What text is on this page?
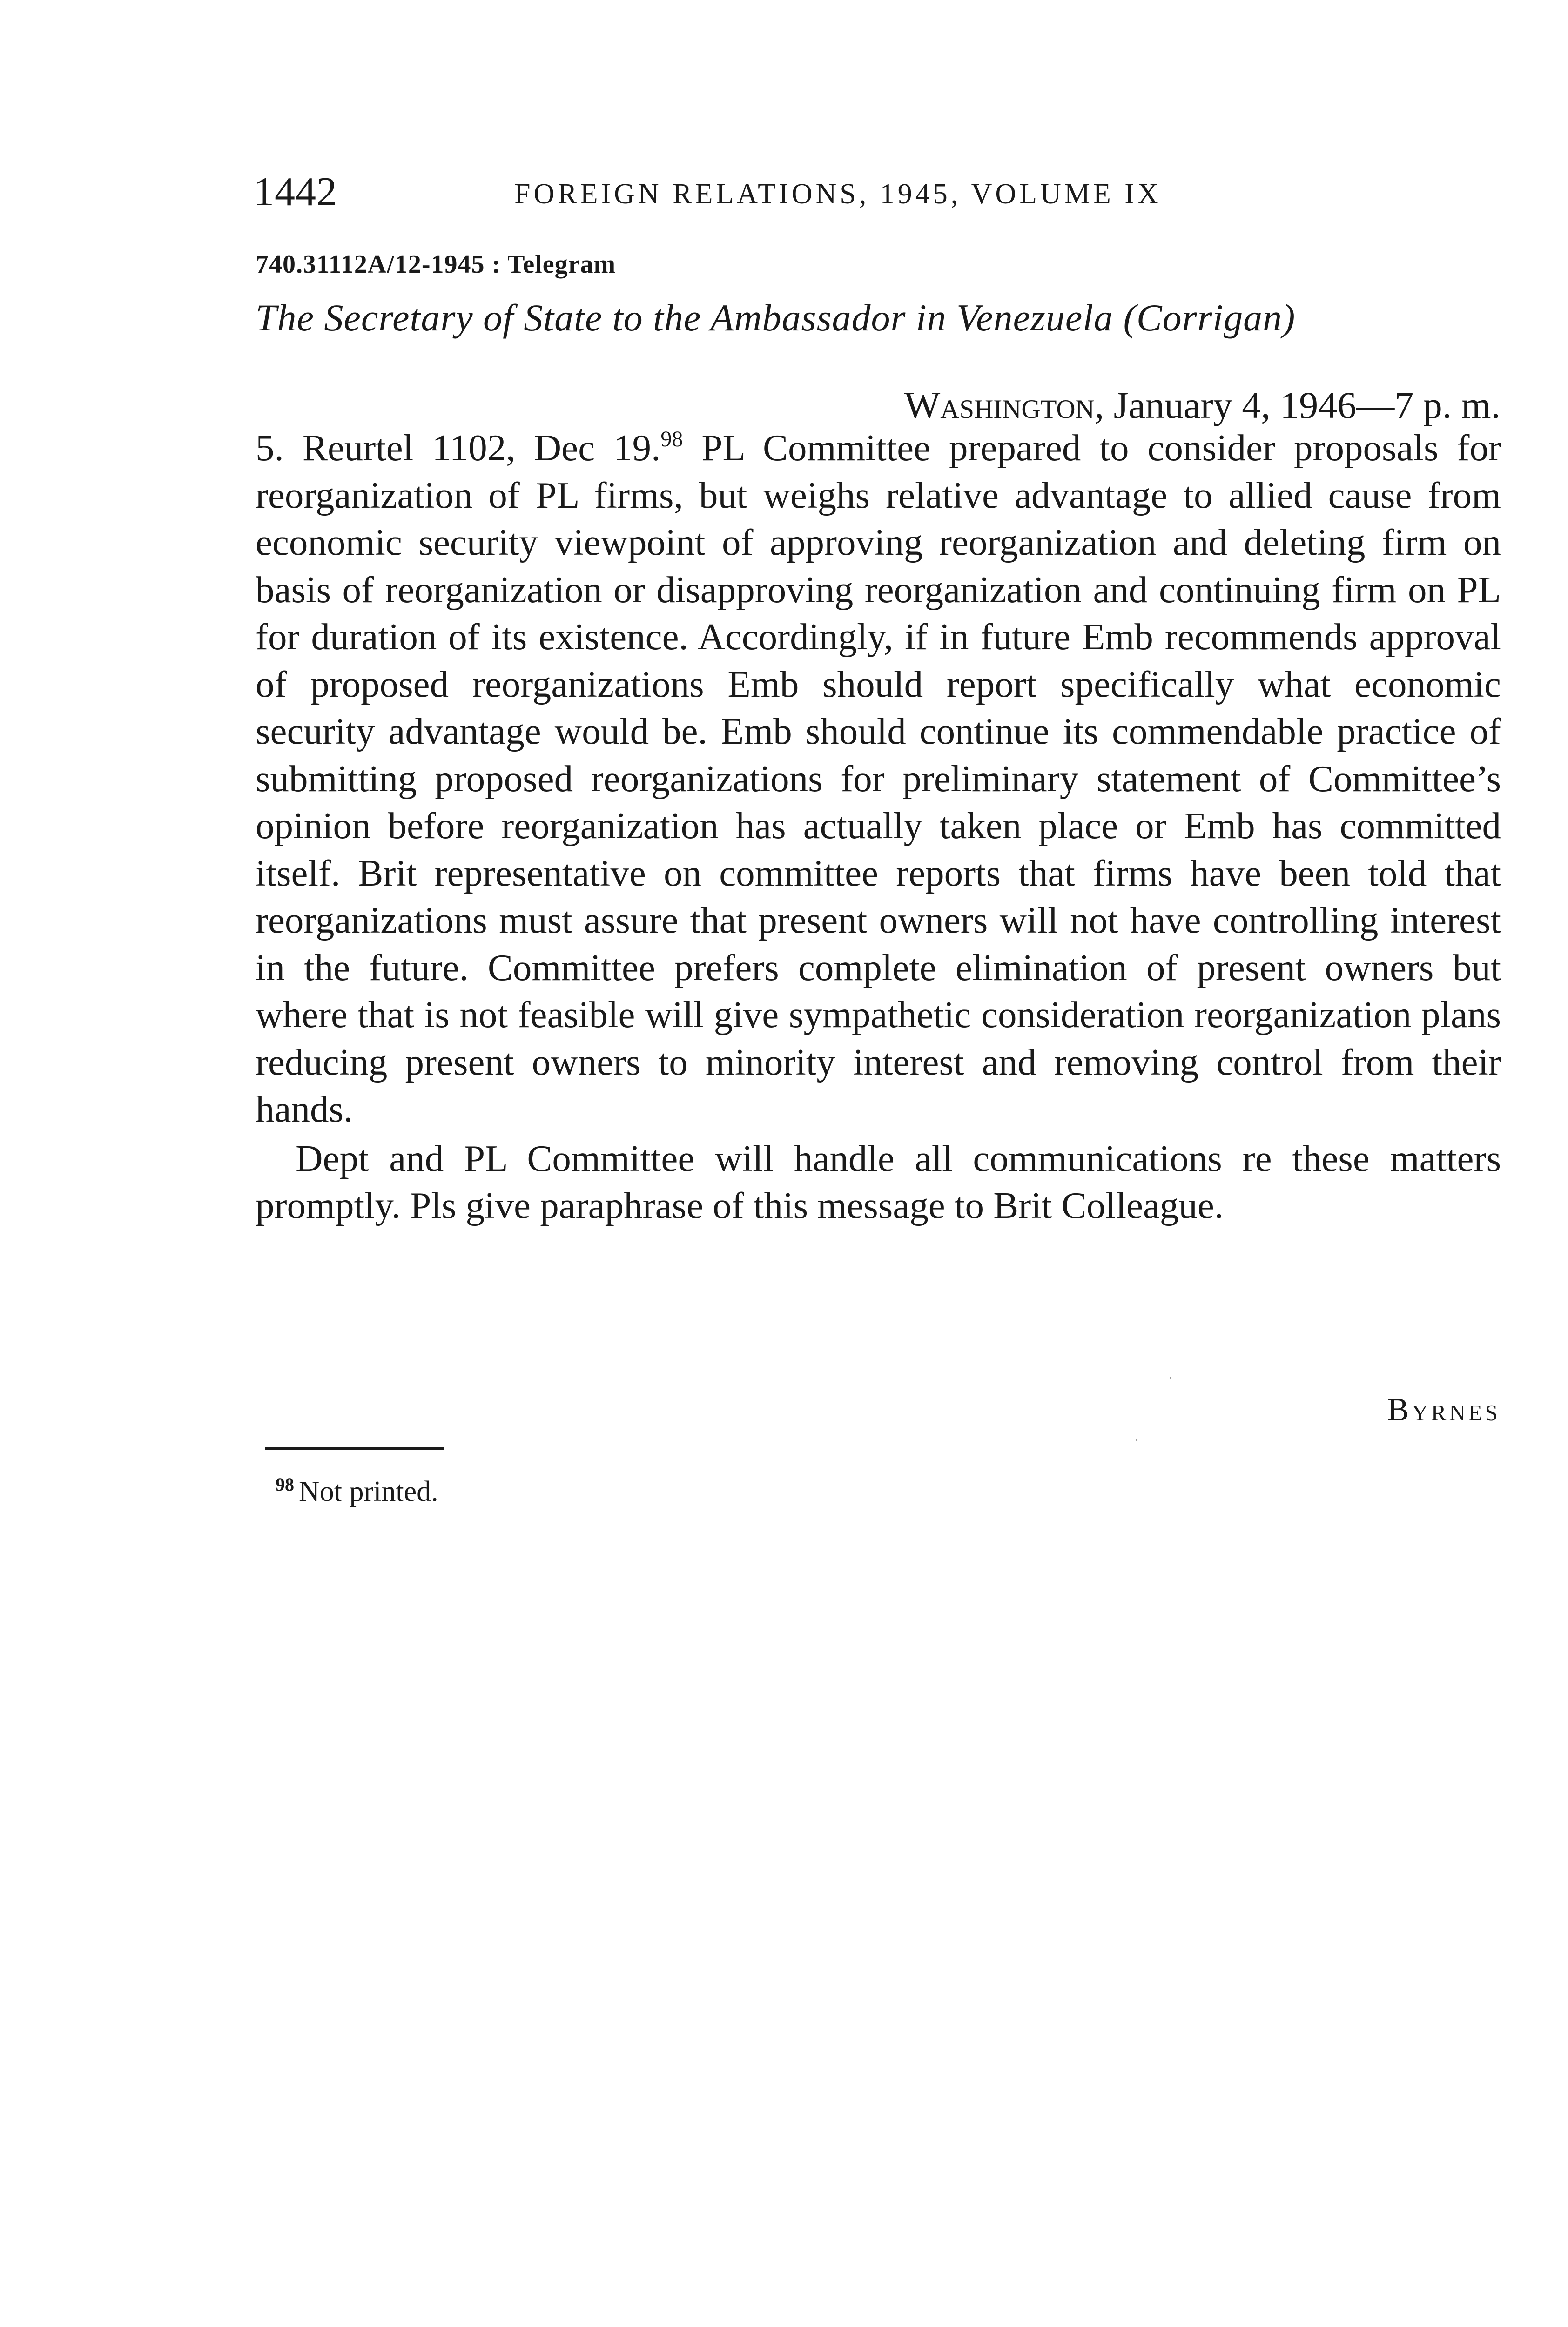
1442	FOREIGN RELATIONS, 1945, VOLUME IX
740.31112A/12-1945 : Telegram
The Secretary of State to the Ambassador in Venezuela (Corrigan)
Washington, January 4, 1946—7 p. m.

5. Reurtel 1102, Dec 19.98 PL Committee prepared to consider proposals for reorganization of PL firms, but weighs relative advantage to allied cause from economic security viewpoint of approving reorganization and deleting firm on basis of reorganization or disapproving reorganization and continuing firm on PL for duration of its existence. Accordingly, if in future Emb recommends approval of proposed reorganizations Emb should report specifically what economic security advantage would be. Emb should continue its commendable practice of submitting proposed reorganizations for preliminary statement of Committee’s opinion before reorganization has actually taken place or Emb has committed itself. Brit representative on committee reports that firms have been told that reorganizations must assure that present owners will not have controlling interest in the future. Committee prefers complete elimination of present owners but where that is not feasible will give sympathetic consideration reorganization plans reducing present owners to minority interest and removing control from their hands.

Dept and PL Committee will handle all communications re these matters promptly. Pls give paraphrase of this message to Brit Colleague.

Byrnes
$^{98}$ Not printed.
